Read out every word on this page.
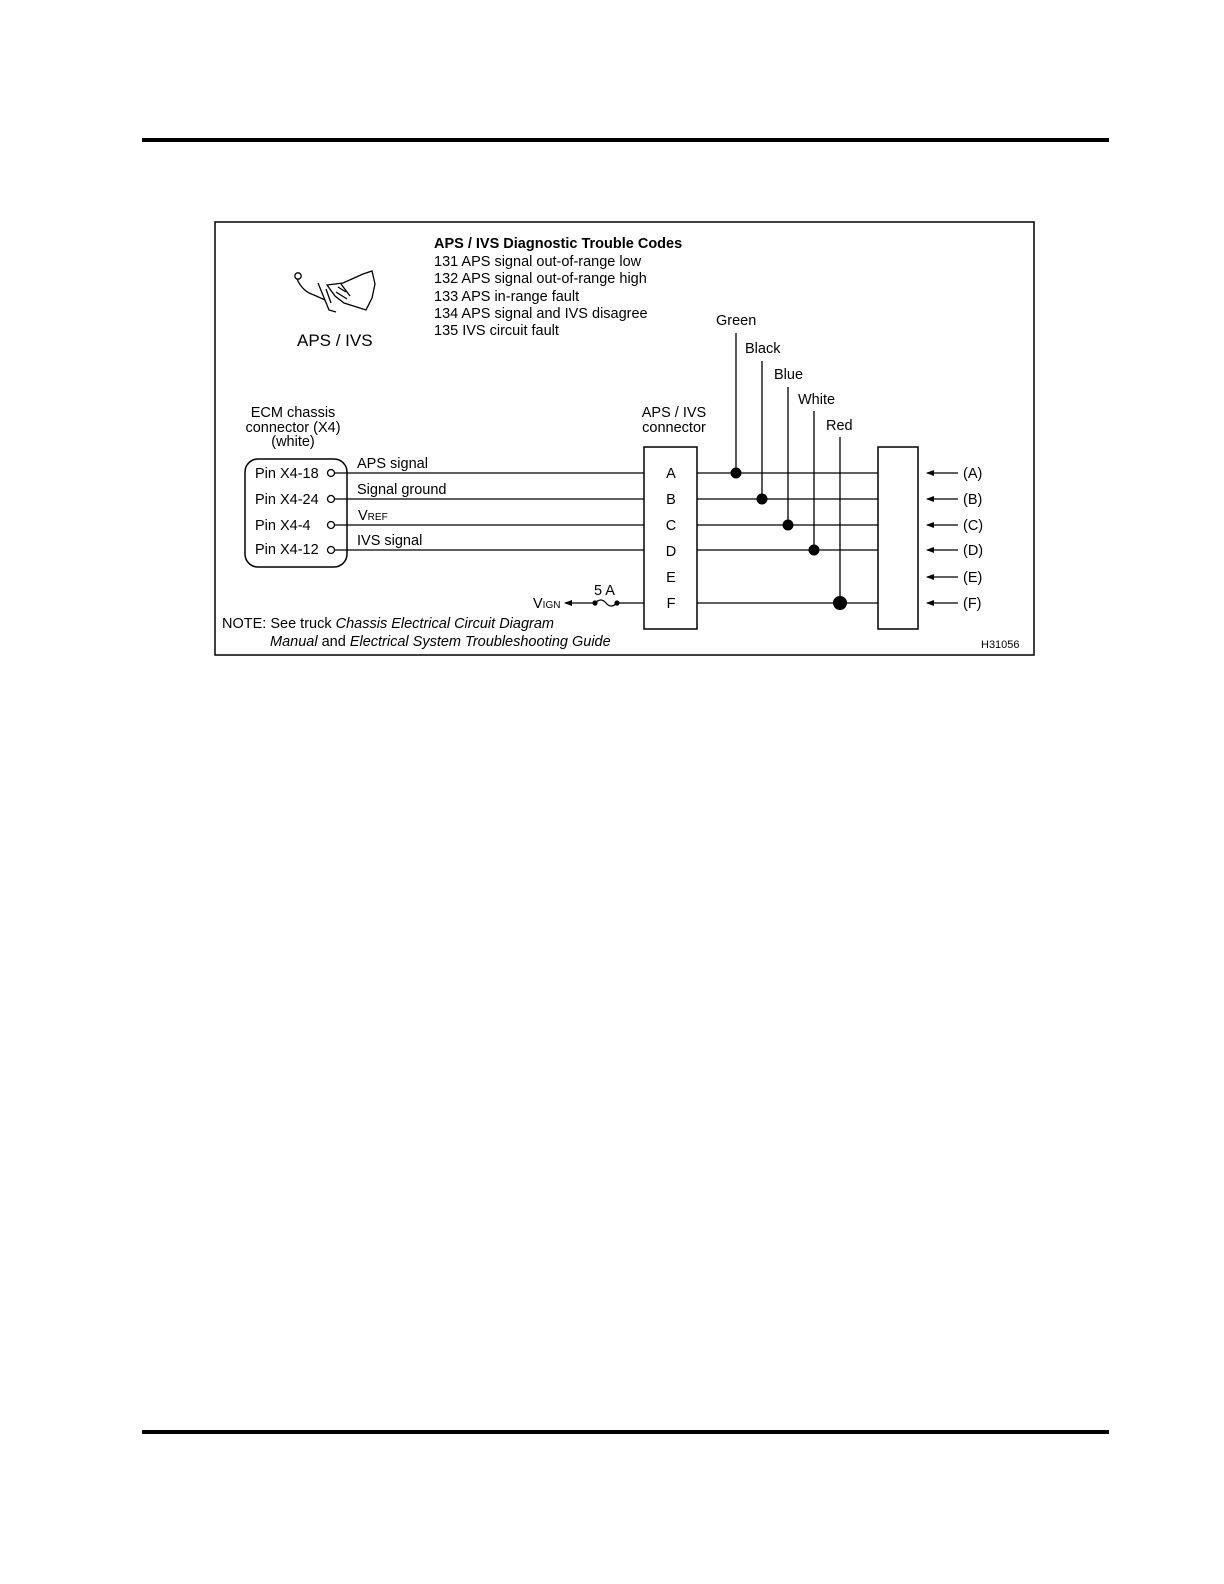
APS / IVS Diagnostic Trouble Codes
131 APS signal out-of-range low
132 APS signal out-of-range high
133 APS in-range fault
134 APS signal and IVS disagree
135 IVS circuit fault
APS / IVS
ECM chassis
connector (X4)
(white)
Pin X4-18
Pin X4-24
Pin X4-4
Pin X4-12
APS signal
Signal ground
VREF
IVS signal
APS / IVS
connector
A
B
C
D
E
F
Green
Black
Blue
White
Red
(A)
(B)
(C)
(D)
(E)
(F)
5 A
VIGN
NOTE: See truck Chassis Electrical Circuit Diagram
Manual and Electrical System Troubleshooting Guide	H31056
